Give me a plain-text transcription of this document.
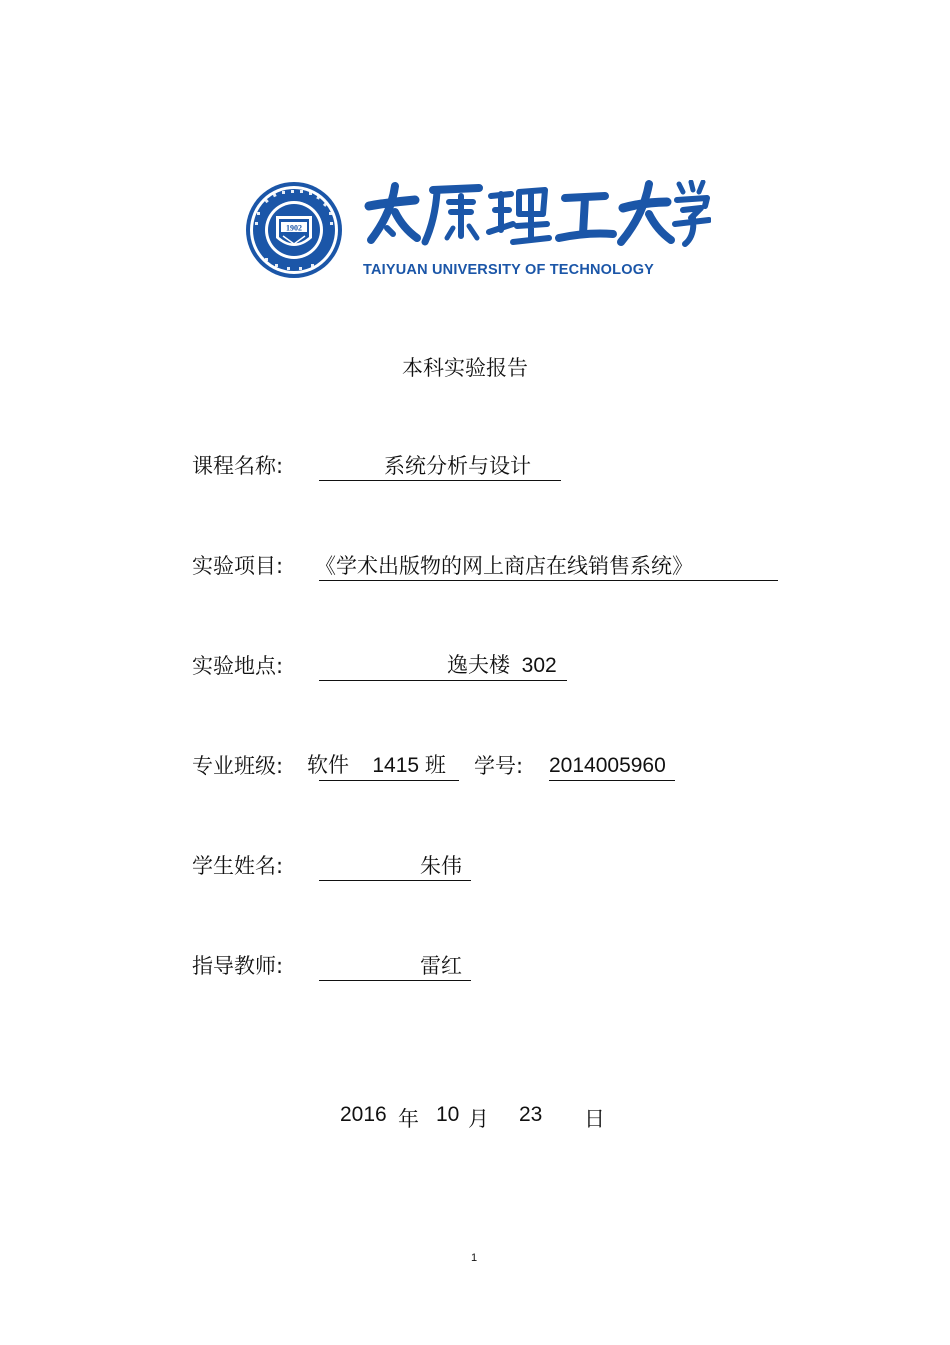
1902
TAIYUAN UNIVERSITY OF TECHNOLOGY
本科实验报告
课程名称:	系统分析与设计
实验项目: 《学术出版物的网上商店在线销售系统》
实验地点:	逸夫楼  302
专业班级: 软件    1415 班 学号: 2014005960
学生姓名:	朱伟
指导教师:	雷红
2016 年 10 月 23 日
1
